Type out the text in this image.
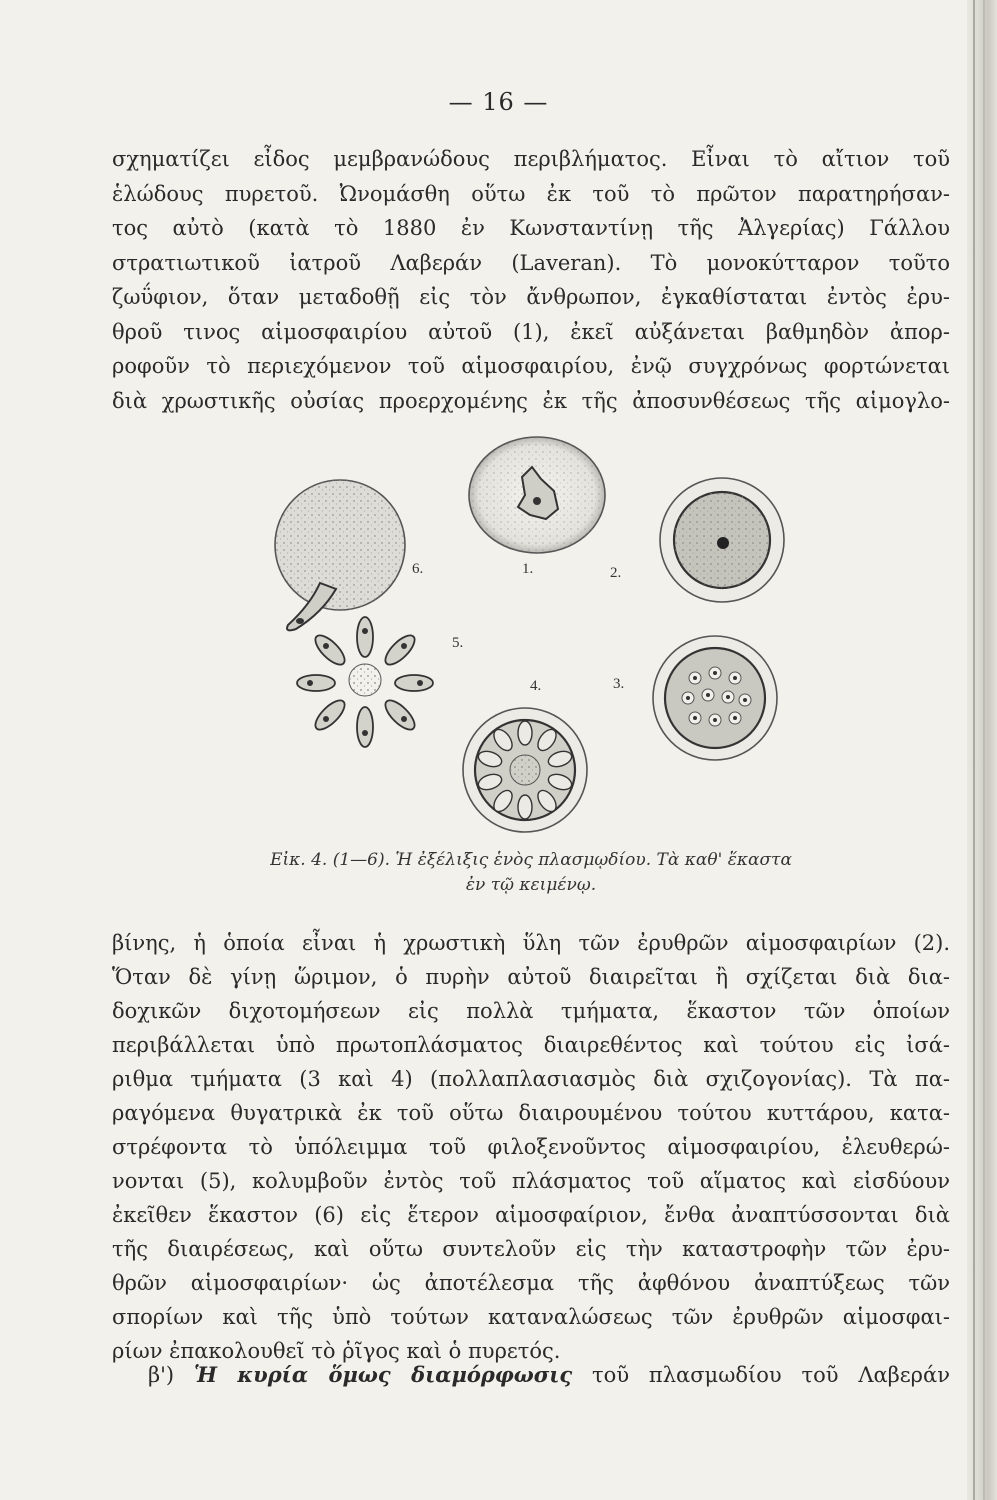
— 16 —
σχηματίζει εἶδος μεμβρανώδους περιβλήματος. Εἶναι τὸ αἴτιον τοῦ
ἑλώδους πυρετοῦ. Ὠνομάσθη οὕτω ἐκ τοῦ τὸ πρῶτον παρατηρήσαν-
τος αὐτὸ (κατὰ τὸ 1880 ἐν Κωνσταντίνῃ τῆς Ἀλγερίας) Γάλλου
στρατιωτικοῦ ἰατροῦ Λαβεράν (Laveran). Τὸ μονοκύτταρον τοῦτο
ζωΰφιον, ὅταν μεταδοθῇ εἰς τὸν ἄνθρωπον, ἐγκαθίσταται ἐντὸς ἐρυ-
θροῦ τινος αἱμοσφαιρίου αὐτοῦ (1), ἐκεῖ αὐξάνεται βαθμηδὸν ἀπορ-
ροφοῦν τὸ περιεχόμενον τοῦ αἱμοσφαιρίου, ἐνῷ συγχρόνως φορτώνεται
διὰ χρωστικῆς οὐσίας προερχομένης ἐκ τῆς ἀποσυνθέσεως τῆς αἱμογλο-
6.	1.	2.
5.
4.	3.
Εἰκ. 4. (1—6). Ἡ ἐξέλιξις ἑνὸς πλασμῳδίου. Τὰ καθ' ἕκαστα
ἐν τῷ κειμένῳ.
βίνης, ἡ ὁποία εἶναι ἡ χρωστικὴ ὕλη τῶν ἐρυθρῶν αἱμοσφαιρίων (2).
Ὅταν δὲ γίνῃ ὥριμον, ὁ πυρὴν αὐτοῦ διαιρεῖται ἢ σχίζεται διὰ δια-
δοχικῶν διχοτομήσεων εἰς πολλὰ τμήματα, ἕκαστον τῶν ὁποίων
περιβάλλεται ὑπὸ πρωτοπλάσματος διαιρεθέντος καὶ τούτου εἰς ἰσά-
ριθμα τμήματα (3 καὶ 4) (πολλαπλασιασμὸς διὰ σχιζογονίας). Τὰ πα-
ραγόμενα θυγατρικὰ ἐκ τοῦ οὕτω διαιρουμένου τούτου κυττάρου, κατα-
στρέφοντα τὸ ὑπόλειμμα τοῦ φιλοξενοῦντος αἱμοσφαιρίου, ἐλευθερώ-
νονται (5), κολυμβοῦν ἐντὸς τοῦ πλάσματος τοῦ αἵματος καὶ εἰσδύουν
ἐκεῖθεν ἕκαστον (6) εἰς ἕτερον αἱμοσφαίριον, ἔνθα ἀναπτύσσονται διὰ
τῆς διαιρέσεως, καὶ οὕτω συντελοῦν εἰς τὴν καταστροφὴν τῶν ἐρυ-
θρῶν αἱμοσφαιρίων· ὡς ἀποτέλεσμα τῆς ἀφθόνου ἀναπτύξεως τῶν
σπορίων καὶ τῆς ὑπὸ τούτων καταναλώσεως τῶν ἐρυθρῶν αἱμοσφαι-
ρίων ἐπακολουθεῖ τὸ ῥῖγος καὶ ὁ πυρετός.
β') Ἡ κυρία ὅμως διαμόρφωσις τοῦ πλασμωδίου τοῦ Λαβεράν
